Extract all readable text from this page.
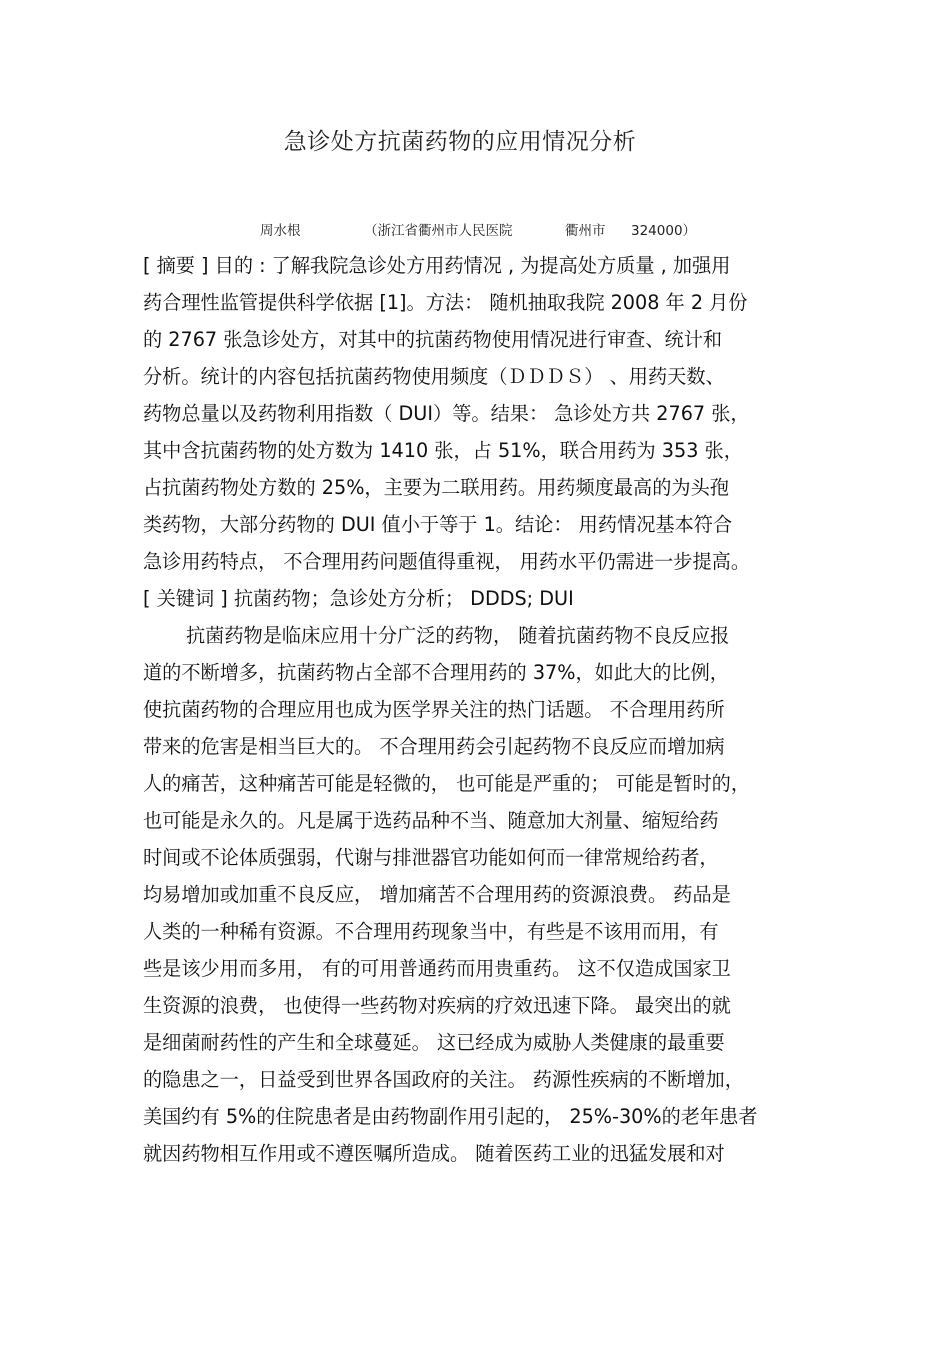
急诊处方抗菌药物的应用情况分析
周水根	（浙江省衢州市人民医院	衢州市 324000）
[ 摘要 ] 目的 : 了解我院急诊处方用药情况 , 为提高处方质量 , 加强用
药合理性监管提供科学依据 [1]。方法： 随机抽取我院 2008 年 2 月份
的 2767 张急诊处方，对其中的抗菌药物使用情况进行审查、统计和
分析。统计的内容包括抗菌药物使用频度（ＤＤＤＳ） 、用药天数、
药物总量以及药物利用指数（ DUI）等。结果： 急诊处方共 2767 张，
其中含抗菌药物的处方数为 1410 张，占 51%，联合用药为 353 张，
占抗菌药物处方数的 25%，主要为二联用药。用药频度最高的为头孢
类药物，大部分药物的 DUI 值小于等于 1。结论： 用药情况基本符合
急诊用药特点， 不合理用药问题值得重视， 用药水平仍需进一步提高。
[ 关键词 ] 抗菌药物；急诊处方分析； DDDS; DUI
抗菌药物是临床应用十分广泛的药物， 随着抗菌药物不良反应报
道的不断增多，抗菌药物占全部不合理用药的 37%，如此大的比例，
使抗菌药物的合理应用也成为医学界关注的热门话题。 不合理用药所
带来的危害是相当巨大的。 不合理用药会引起药物不良反应而增加病
人的痛苦，这种痛苦可能是轻微的， 也可能是严重的； 可能是暂时的，
也可能是永久的。凡是属于选药品种不当、随意加大剂量、缩短给药
时间或不论体质强弱，代谢与排泄器官功能如何而一律常规给药者，
均易增加或加重不良反应， 增加痛苦不合理用药的资源浪费。 药品是
人类的一种稀有资源。不合理用药现象当中，有些是不该用而用，有
些是该少用而多用， 有的可用普通药而用贵重药。 这不仅造成国家卫
生资源的浪费， 也使得一些药物对疾病的疗效迅速下降。 最突出的就
是细菌耐药性的产生和全球蔓延。 这已经成为威胁人类健康的最重要
的隐患之一，日益受到世界各国政府的关注。 药源性疾病的不断增加，
美国约有 5%的住院患者是由药物副作用引起的， 25%-30%的老年患者
就因药物相互作用或不遵医嘱所造成。 随着医药工业的迅猛发展和对
